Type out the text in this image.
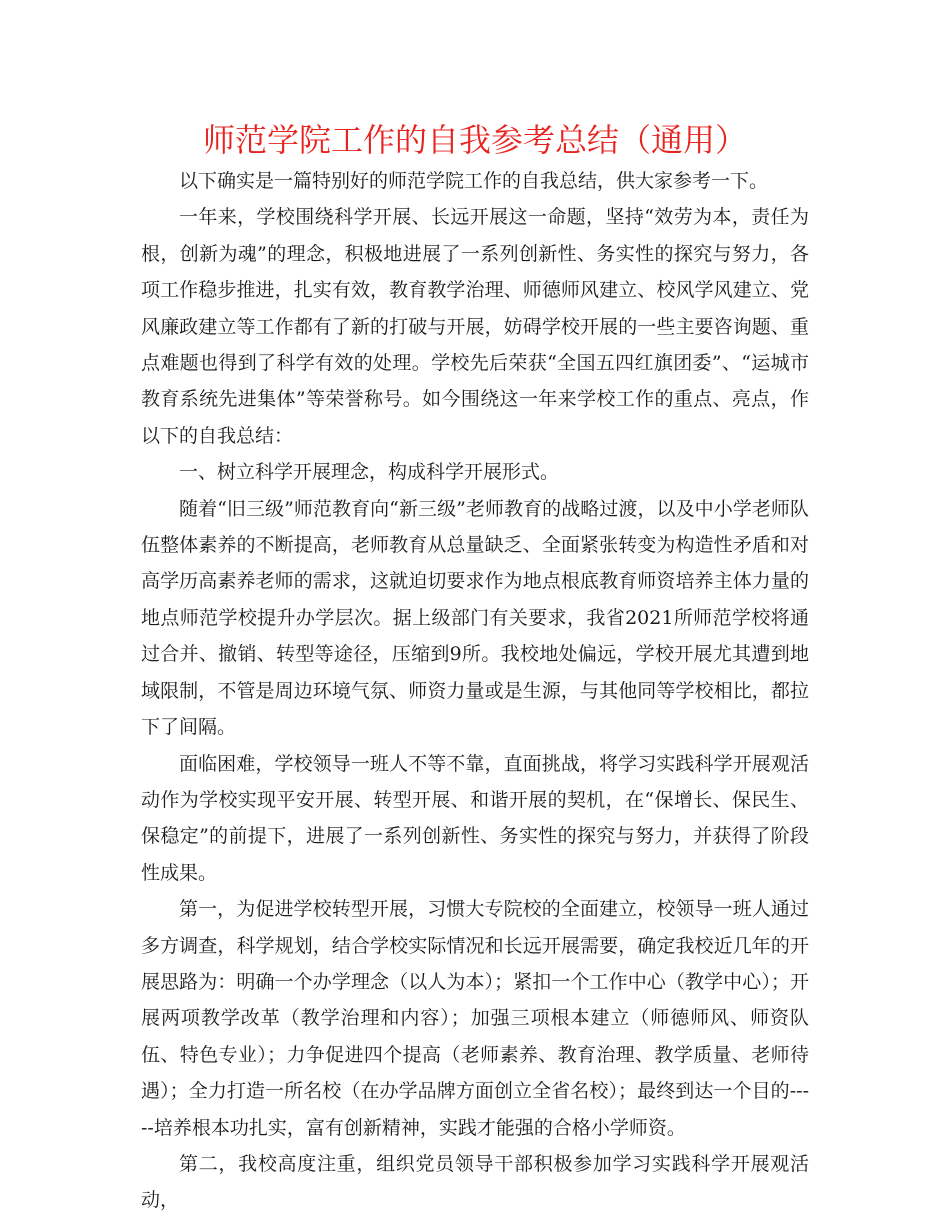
师范学院工作的自我参考总结（通用）

以下确实是一篇特别好的师范学院工作的自我总结，供大家参考一下。

一年来，学校围绕科学开展、长远开展这一命题，坚持“效劳为本，责任为根，创新为魂”的理念，积极地进展了一系列创新性、务实性的探究与努力，各项工作稳步推进，扎实有效，教育教学治理、师德师风建立、校风学风建立、党风廉政建立等工作都有了新的打破与开展，妨碍学校开展的一些主要咨询题、重点难题也得到了科学有效的处理。学校先后荣获“全国五四红旗团委”、“运城市教育系统先进集体”等荣誉称号。如今围绕这一年来学校工作的重点、亮点，作以下的自我总结：

一、树立科学开展理念，构成科学开展形式。

随着“旧三级”师范教育向“新三级”老师教育的战略过渡，以及中小学老师队伍整体素养的不断提高，老师教育从总量缺乏、全面紧张转变为构造性矛盾和对高学历高素养老师的需求，这就迫切要求作为地点根底教育师资培养主体力量的地点师范学校提升办学层次。据上级部门有关要求，我省2021所师范学校将通过合并、撤销、转型等途径，压缩到9所。我校地处偏远，学校开展尤其遭到地域限制，不管是周边环境气氛、师资力量或是生源，与其他同等学校相比，都拉下了间隔。

面临困难，学校领导一班人不等不靠，直面挑战，将学习实践科学开展观活动作为学校实现平安开展、转型开展、和谐开展的契机，在“保增长、保民生、保稳定”的前提下，进展了一系列创新性、务实性的探究与努力，并获得了阶段性成果。

第一，为促进学校转型开展，习惯大专院校的全面建立，校领导一班人通过多方调查，科学规划，结合学校实际情况和长远开展需要，确定我校近几年的开展思路为：明确一个办学理念（以人为本）；紧扣一个工作中心（教学中心）；开展两项教学改革（教学治理和内容）；加强三项根本建立（师德师风、师资队伍、特色专业）；力争促进四个提高（老师素养、教育治理、教学质量、老师待遇）；全力打造一所名校（在办学品牌方面创立全省名校）；最终到达一个目的-----培养根本功扎实，富有创新精神，实践才能强的合格小学师资。

第二，我校高度注重，组织党员领导干部积极参加学习实践科学开展观活动，
